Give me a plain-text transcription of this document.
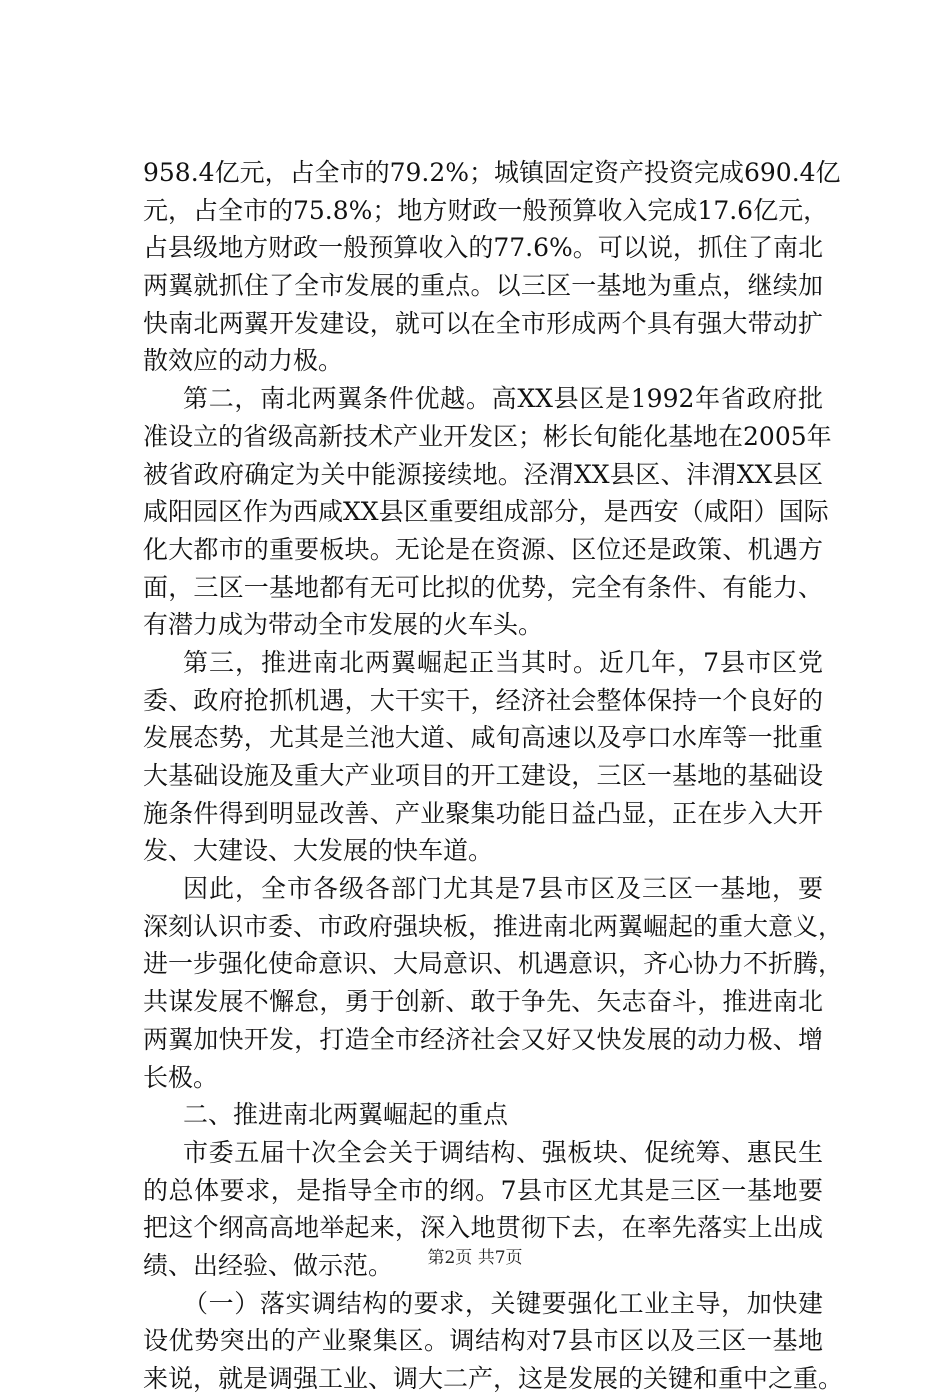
958.4亿元，占全市的79.2%；城镇固定资产投资完成690.4亿
元，占全市的75.8%；地方财政一般预算收入完成17.6亿元，
占县级地方财政一般预算收入的77.6%。可以说，抓住了南北
两翼就抓住了全市发展的重点。以三区一基地为重点，继续加
快南北两翼开发建设，就可以在全市形成两个具有强大带动扩
散效应的动力极。
第二，南北两翼条件优越。高XX县区是1992年省政府批
准设立的省级高新技术产业开发区；彬长旬能化基地在2005年
被省政府确定为关中能源接续地。泾渭XX县区、沣渭XX县区
咸阳园区作为西咸XX县区重要组成部分，是西安（咸阳）国际
化大都市的重要板块。无论是在资源、区位还是政策、机遇方
面，三区一基地都有无可比拟的优势，完全有条件、有能力、
有潜力成为带动全市发展的火车头。
第三，推进南北两翼崛起正当其时。近几年，7县市区党
委、政府抢抓机遇，大干实干，经济社会整体保持一个良好的
发展态势，尤其是兰池大道、咸旬高速以及亭口水库等一批重
大基础设施及重大产业项目的开工建设，三区一基地的基础设
施条件得到明显改善、产业聚集功能日益凸显，正在步入大开
发、大建设、大发展的快车道。
因此，全市各级各部门尤其是7县市区及三区一基地，要
深刻认识市委、市政府强块板，推进南北两翼崛起的重大意义，
进一步强化使命意识、大局意识、机遇意识，齐心协力不折腾，
共谋发展不懈怠，勇于创新、敢于争先、矢志奋斗，推进南北
两翼加快开发，打造全市经济社会又好又快发展的动力极、增
长极。
二、推进南北两翼崛起的重点
市委五届十次全会关于调结构、强板块、促统筹、惠民生
的总体要求，是指导全市的纲。7县市区尤其是三区一基地要
把这个纲高高地举起来，深入地贯彻下去，在率先落实上出成
绩、出经验、做示范。
（一）落实调结构的要求，关键要强化工业主导，加快建
设优势突出的产业聚集区。调结构对7县市区以及三区一基地
来说，就是调强工业、调大二产，这是发展的关键和重中之重。
第2页 共7页
